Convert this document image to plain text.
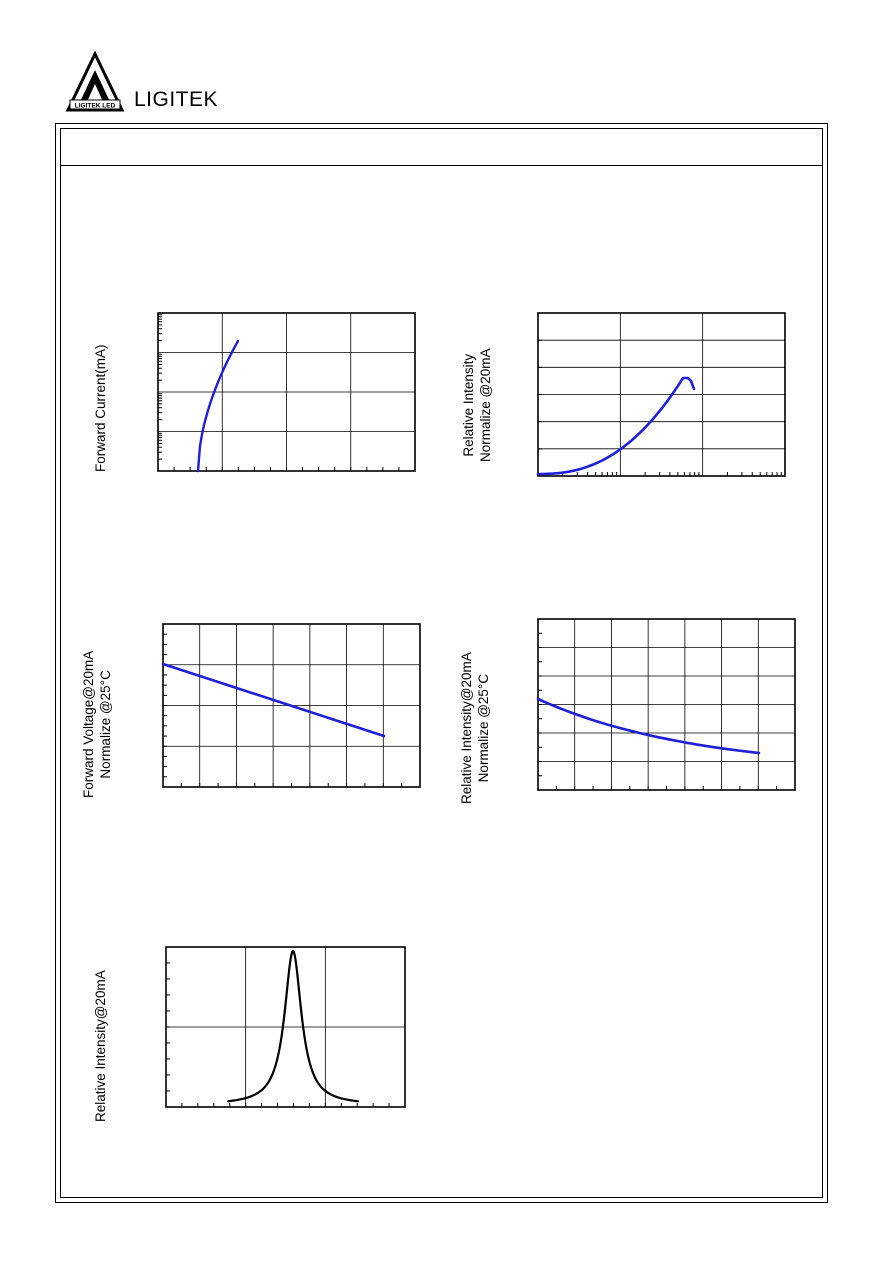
LIGITEK LED LIGITEK
Forward Current(mA)	Relative Intensity Normalize @20mA
Forward Voltage@20mA Normalize @25°C	Relative Intensity@20mA Normalize @25°C
Relative Intensity@20mA
